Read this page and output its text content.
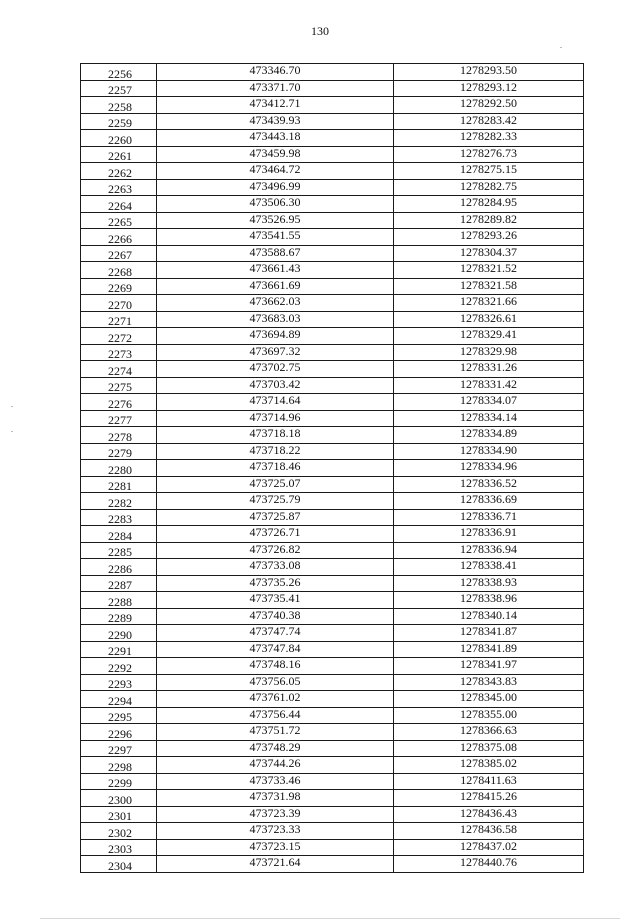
130
2256	473346.70	1278293.50
2257	473371.70	1278293.12
2258	473412.71	1278292.50
2259	473439.93	1278283.42
2260	473443.18	1278282.33
2261	473459.98	1278276.73
2262	473464.72	1278275.15
2263	473496.99	1278282.75
2264	473506.30	1278284.95
2265	473526.95	1278289.82
2266	473541.55	1278293.26
2267	473588.67	1278304.37
2268	473661.43	1278321.52
2269	473661.69	1278321.58
2270	473662.03	1278321.66
2271	473683.03	1278326.61
2272	473694.89	1278329.41
2273	473697.32	1278329.98
2274	473702.75	1278331.26
2275	473703.42	1278331.42
2276	473714.64	1278334.07
2277	473714.96	1278334.14
2278	473718.18	1278334.89
2279	473718.22	1278334.90
2280	473718.46	1278334.96
2281	473725.07	1278336.52
2282	473725.79	1278336.69
2283	473725.87	1278336.71
2284	473726.71	1278336.91
2285	473726.82	1278336.94
2286	473733.08	1278338.41
2287	473735.26	1278338.93
2288	473735.41	1278338.96
2289	473740.38	1278340.14
2290	473747.74	1278341.87
2291	473747.84	1278341.89
2292	473748.16	1278341.97
2293	473756.05	1278343.83
2294	473761.02	1278345.00
2295	473756.44	1278355.00
2296	473751.72	1278366.63
2297	473748.29	1278375.08
2298	473744.26	1278385.02
2299	473733.46	1278411.63
2300	473731.98	1278415.26
2301	473723.39	1278436.43
2302	473723.33	1278436.58
2303	473723.15	1278437.02
2304	473721.64	1278440.76
